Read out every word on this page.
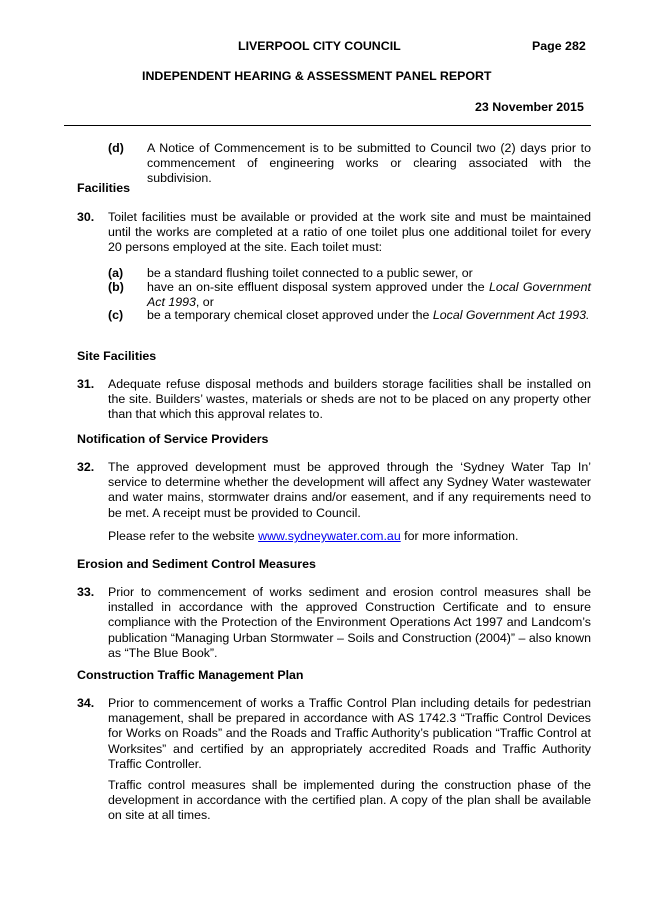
LIVERPOOL CITY COUNCIL	Page 282
INDEPENDENT HEARING & ASSESSMENT PANEL REPORT
23 November 2015
(d) A Notice of Commencement is to be submitted to Council two (2) days prior to commencement of engineering works or clearing associated with the subdivision.
Facilities
30. Toilet facilities must be available or provided at the work site and must be maintained until the works are completed at a ratio of one toilet plus one additional toilet for every 20 persons employed at the site. Each toilet must:
(a) be a standard flushing toilet connected to a public sewer, or
(b) have an on-site effluent disposal system approved under the Local Government Act 1993, or
(c) be a temporary chemical closet approved under the Local Government Act 1993.
Site Facilities
31. Adequate refuse disposal methods and builders storage facilities shall be installed on the site. Builders’ wastes, materials or sheds are not to be placed on any property other than that which this approval relates to.
Notification of Service Providers
32. The approved development must be approved through the ‘Sydney Water Tap In’ service to determine whether the development will affect any Sydney Water wastewater and water mains, stormwater drains and/or easement, and if any requirements need to be met. A receipt must be provided to Council.
Please refer to the website www.sydneywater.com.au for more information.
Erosion and Sediment Control Measures
33. Prior to commencement of works sediment and erosion control measures shall be installed in accordance with the approved Construction Certificate and to ensure compliance with the Protection of the Environment Operations Act 1997 and Landcom’s publication “Managing Urban Stormwater – Soils and Construction (2004)” – also known as “The Blue Book”.
Construction Traffic Management Plan
34. Prior to commencement of works a Traffic Control Plan including details for pedestrian management, shall be prepared in accordance with AS 1742.3 “Traffic Control Devices for Works on Roads” and the Roads and Traffic Authority’s publication “Traffic Control at Worksites” and certified by an appropriately accredited Roads and Traffic Authority Traffic Controller.
Traffic control measures shall be implemented during the construction phase of the development in accordance with the certified plan. A copy of the plan shall be available on site at all times.
